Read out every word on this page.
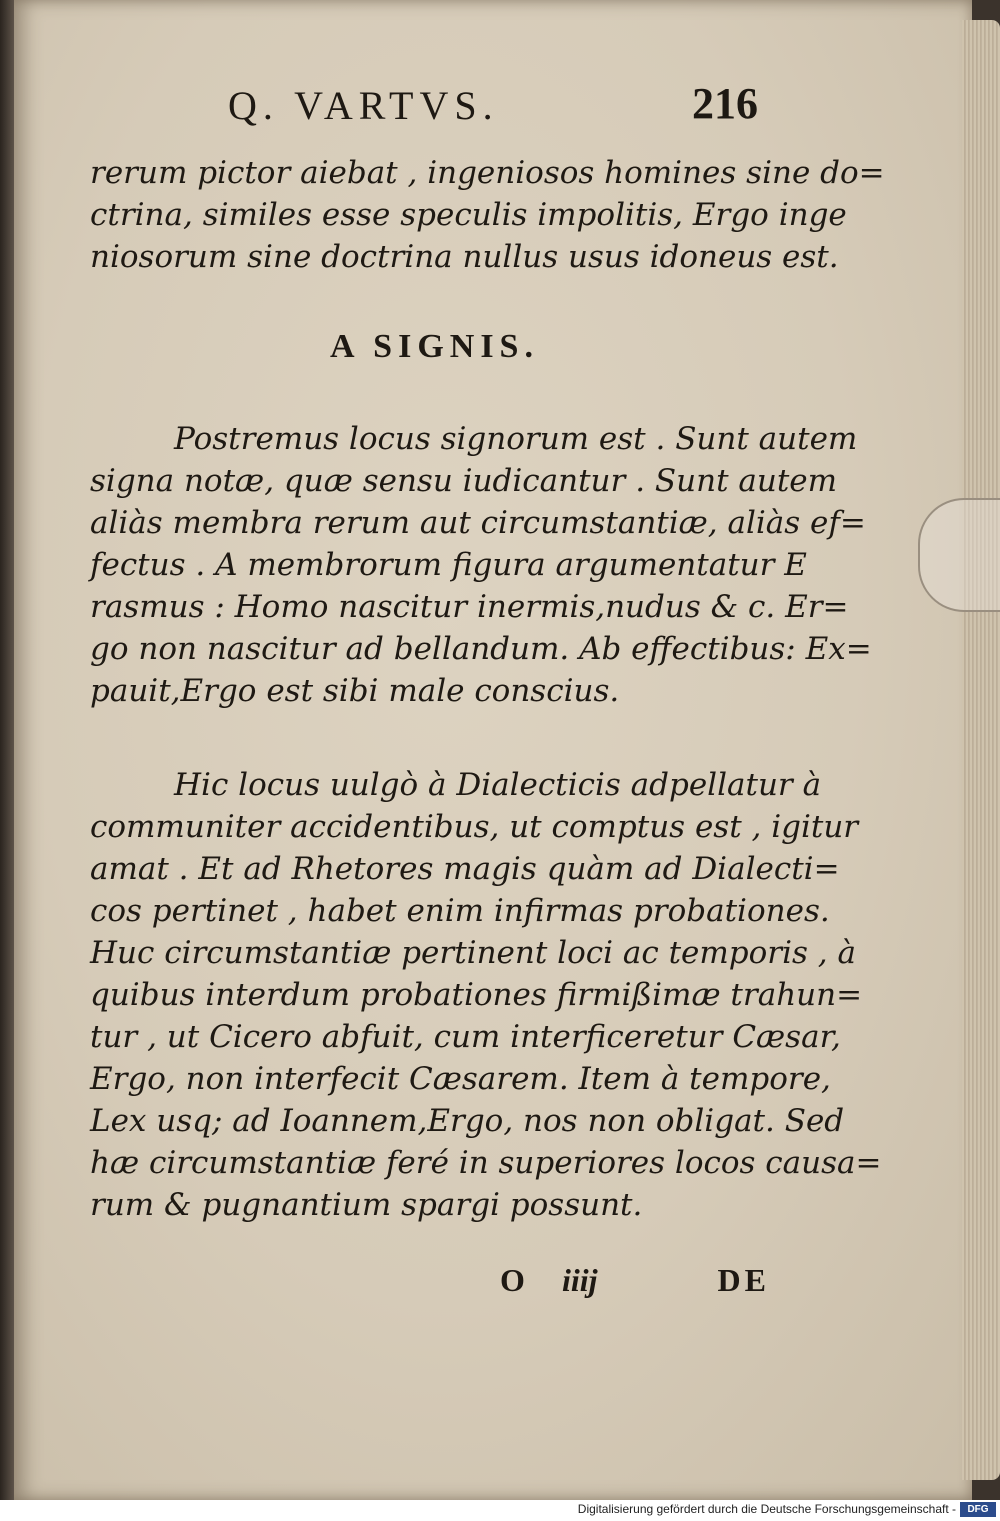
Q. VARTVS.	216
rerum pictor aiebat , ingeniosos homines sine do=
ctrina, similes esse speculis impolitis, Ergo inge
niosorum sine doctrina nullus usus idoneus est.
A SIGNIS.
Postremus locus signorum est . Sunt autem
signa notæ, quæ sensu iudicantur . Sunt autem
aliàs membra rerum aut circumstantiæ, aliàs ef=
fectus . A membrorum figura argumentatur E
rasmus : Homo nascitur inermis,nudus & c. Er=
go non nascitur ad bellandum. Ab effectibus: Ex=
pauit,Ergo est sibi male conscius.
Hic locus uulgò à Dialecticis adpellatur à
communiter accidentibus, ut comptus est , igitur
amat . Et ad Rhetores magis quàm ad Dialecti=
cos pertinet , habet enim infirmas probationes.
Huc circumstantiæ pertinent loci ac temporis , à
quibus interdum probationes firmißimæ trahun=
tur , ut Cicero abfuit, cum interficeretur Cæsar,
Ergo, non interfecit Cæsarem. Item à tempore,
Lex usq; ad Ioannem,Ergo, nos non obligat. Sed
hæ circumstantiæ feré in superiores locos causa=
rum & pugnantium spargi possunt.
O iiij	DE
Digitalisierung gefördert durch die Deutsche Forschungsgemeinschaft -	DFG
